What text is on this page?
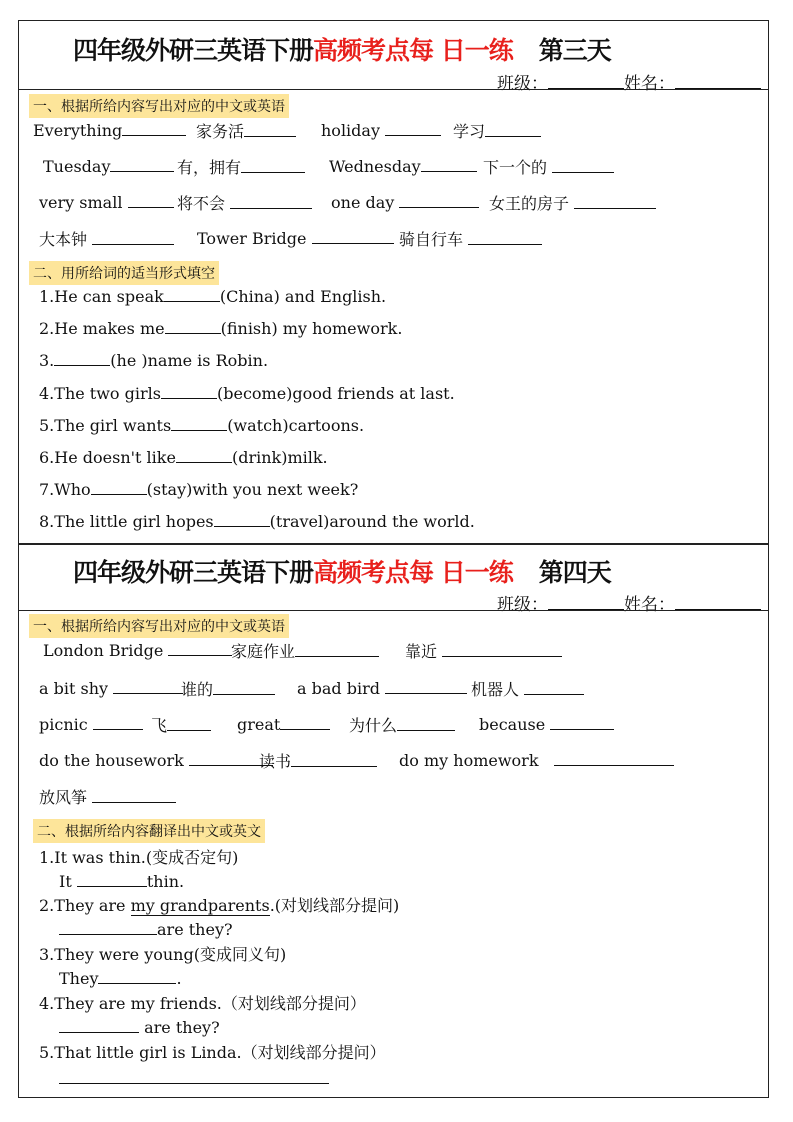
四年级外研三英语下册高频考点每 日一练 第三天
班级：	姓名：
一、根据所给内容写出对应的中文或英语
Everything	家务活	holiday	学习
Tuesday	有，拥有	Wednesday	下一个的
very small	将不会	one day	女王的房子
大本钟	Tower Bridge	骑自行车
二、用所给词的适当形式填空
1.He can speak	(China) and English.
2.He makes me	(finish) my homework.
3.	(he )name is Robin.
4.The two girls	(become)good friends at last.
5.The girl wants	(watch)cartoons.
6.He doesn't like	(drink)milk.
7.Who	(stay)with you next week?
8.The little girl hopes	(travel)around the world.
四年级外研三英语下册高频考点每 日一练 第四天
班级：	姓名：
一、根据所给内容写出对应的中文或英语
London Bridge	家庭作业	靠近
a bit shy	谁的	a bad bird	机器人
picnic	飞	great	为什么	because
do the housework	读书	do my homework
放风筝
二、根据所给内容翻译出中文或英文
1.It was thin.(变成否定句)
It	thin.
2.They are my grandparents.(对划线部分提问)
are they?
3.They were young(变成同义句)
They	.
4.They are my friends.（对划线部分提问）
are they?
5.That little girl is Linda.（对划线部分提问）
